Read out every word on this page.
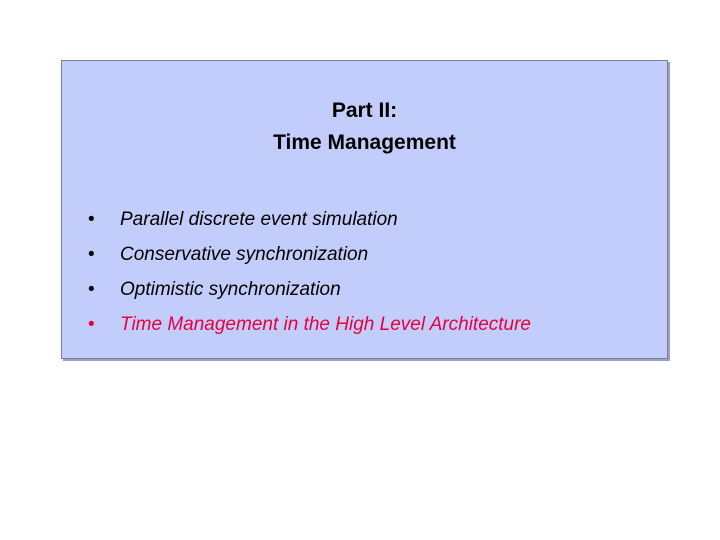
Part II:
Time Management
• Parallel discrete event simulation
• Conservative synchronization
• Optimistic synchronization
• Time Management in the High Level Architecture
